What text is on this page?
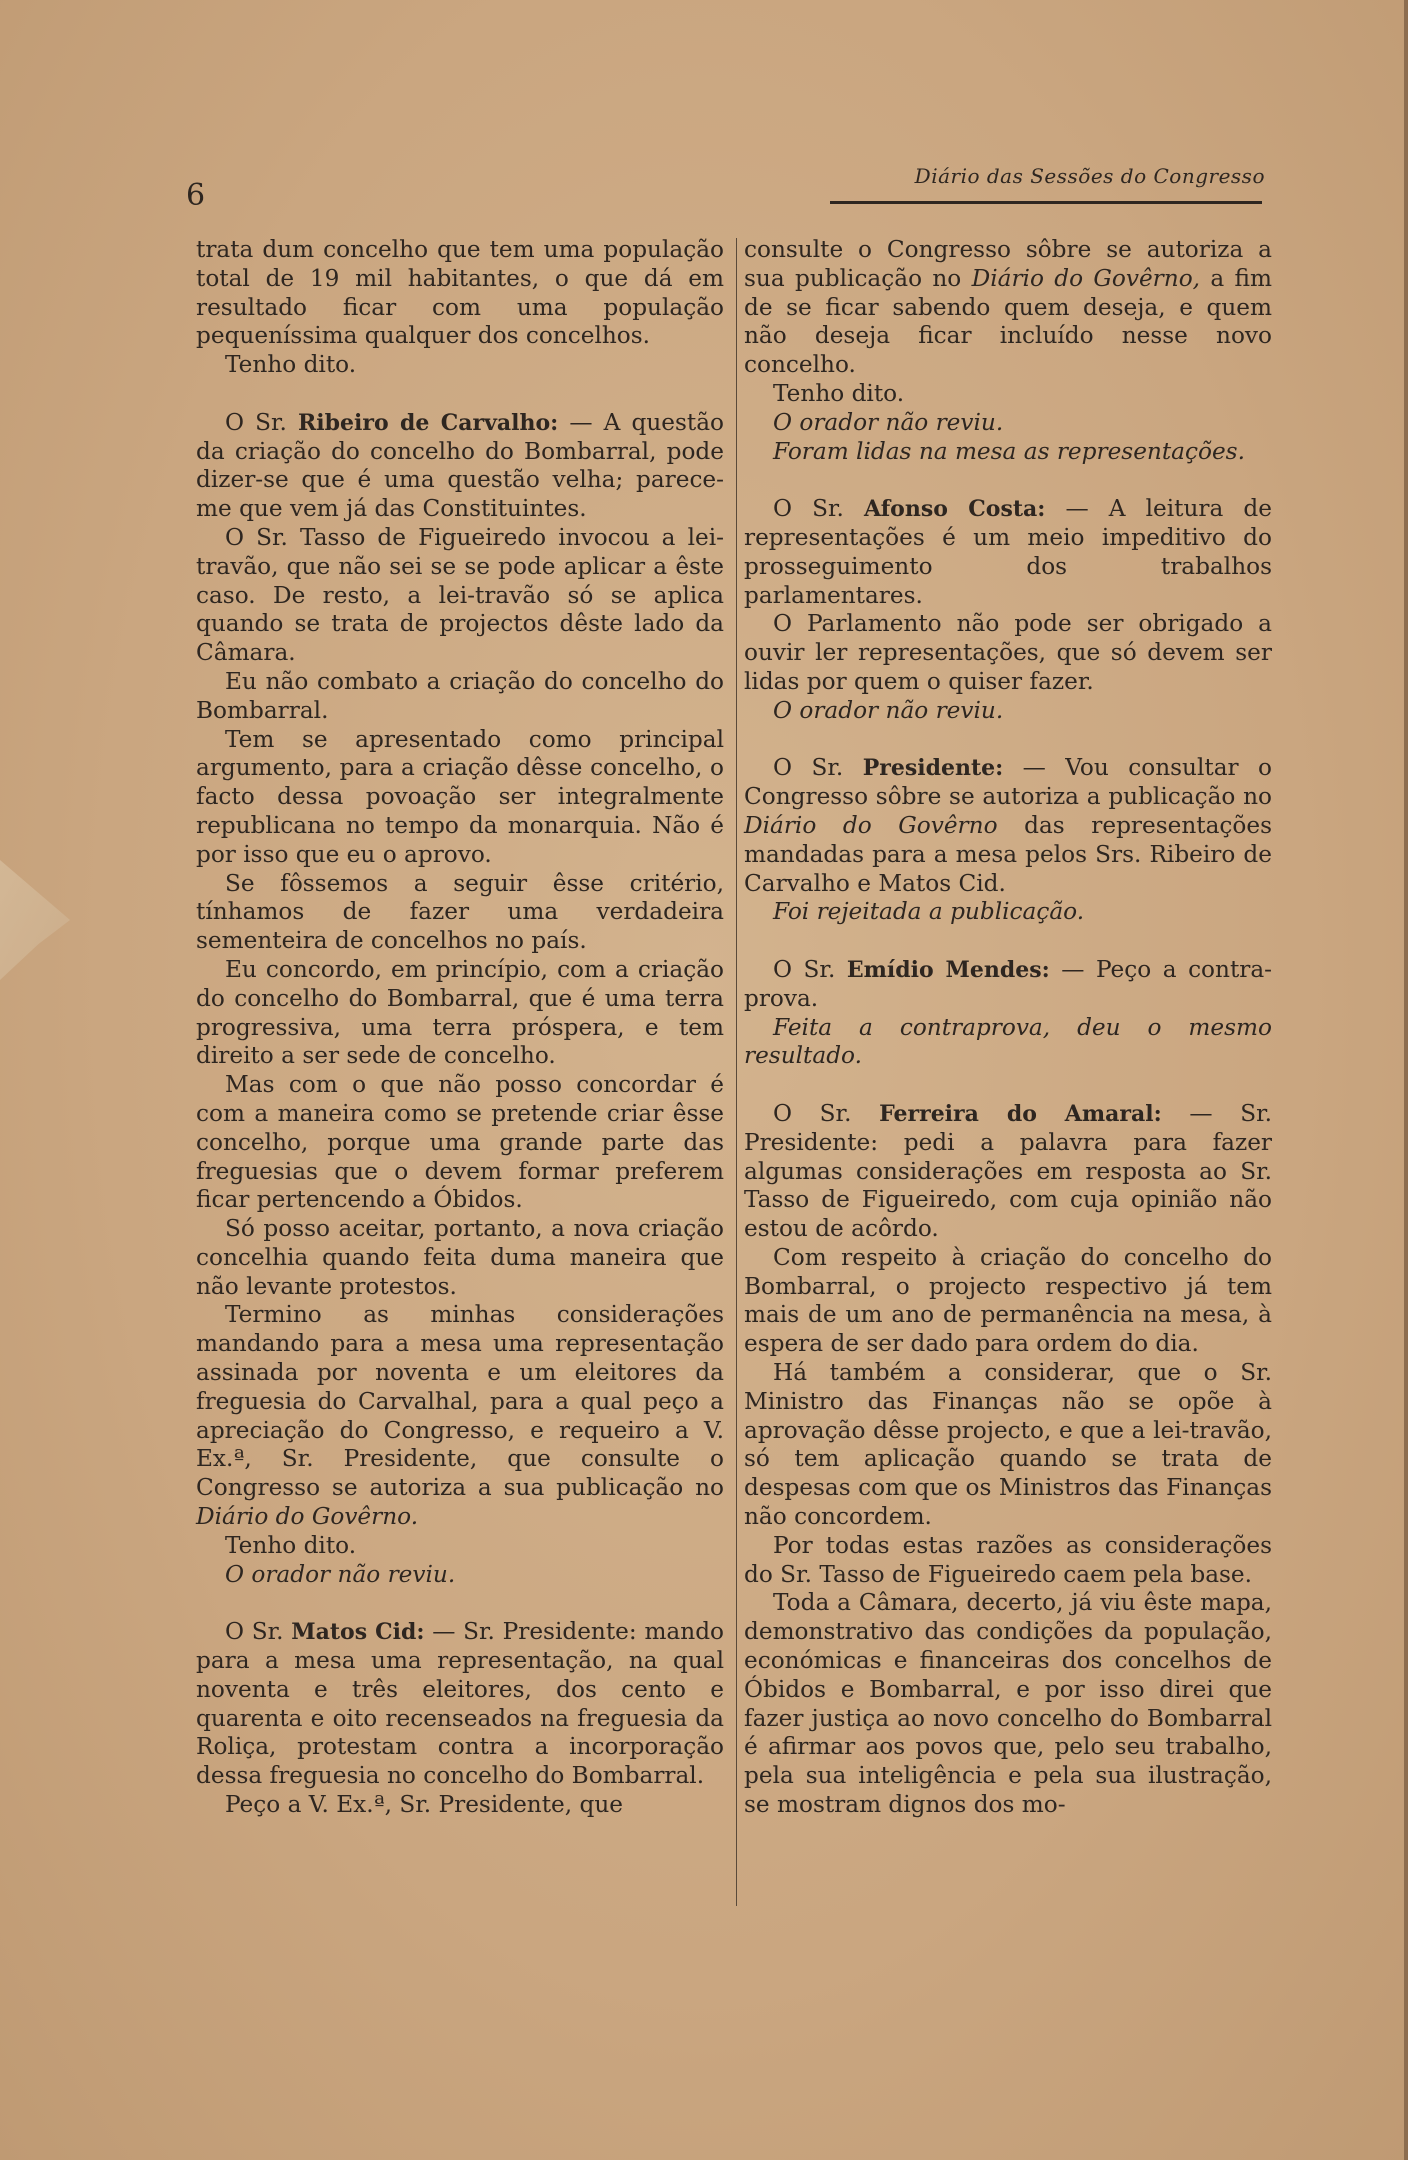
6
Diário das Sessões do Congresso

trata dum concelho que tem uma população total de 19 mil habitantes, o que dá em resultado ficar com uma população pequeníssima qualquer dos concelhos.

Tenho dito.

O Sr. Ribeiro de Carvalho: — A questão da criação do concelho do Bombarral, pode dizer-se que é uma questão velha; parece-me que vem já das Constituintes.

O Sr. Tasso de Figueiredo invocou a lei-travão, que não sei se se pode aplicar a êste caso. De resto, a lei-travão só se aplica quando se trata de projectos dêste lado da Câmara.

Eu não combato a criação do concelho do Bombarral.

Tem se apresentado como principal argumento, para a criação dêsse concelho, o facto dessa povoação ser integralmente republicana no tempo da monarquia. Não é por isso que eu o aprovo.

Se fôssemos a seguir êsse critério, tínhamos de fazer uma verdadeira sementeira de concelhos no país.

Eu concordo, em princípio, com a criação do concelho do Bombarral, que é uma terra progressiva, uma terra próspera, e tem direito a ser sede de concelho.

Mas com o que não posso concordar é com a maneira como se pretende criar êsse concelho, porque uma grande parte das freguesias que o devem formar preferem ficar pertencendo a Óbidos.

Só posso aceitar, portanto, a nova criação concelhia quando feita duma maneira que não levante protestos.

Termino as minhas considerações mandando para a mesa uma representação assinada por noventa e um eleitores da freguesia do Carvalhal, para a qual peço a apreciação do Congresso, e requeiro a V. Ex.ª, Sr. Presidente, que consulte o Congresso se autoriza a sua publicação no Diário do Govêrno.

Tenho dito.

O orador não reviu.

O Sr. Matos Cid: — Sr. Presidente: mando para a mesa uma representação, na qual noventa e três eleitores, dos cento e quarenta e oito recenseados na freguesia da Roliça, protestam contra a incorporação dessa freguesia no concelho do Bombarral.

Peço a V. Ex.ª, Sr. Presidente, que

consulte o Congresso sôbre se autoriza a sua publicação no Diário do Govêrno, a fim de se ficar sabendo quem deseja, e quem não deseja ficar incluído nesse novo concelho.

Tenho dito.

O orador não reviu.

Foram lidas na mesa as representações.

O Sr. Afonso Costa: — A leitura de representações é um meio impeditivo do prosseguimento dos trabalhos parlamentares.

O Parlamento não pode ser obrigado a ouvir ler representações, que só devem ser lidas por quem o quiser fazer.

O orador não reviu.

O Sr. Presidente: — Vou consultar o Congresso sôbre se autoriza a publicação no Diário do Govêrno das representações mandadas para a mesa pelos Srs. Ribeiro de Carvalho e Matos Cid.

Foi rejeitada a publicação.

O Sr. Emídio Mendes: — Peço a contra-prova.

Feita a contraprova, deu o mesmo resultado.

O Sr. Ferreira do Amaral: — Sr. Presidente: pedi a palavra para fazer algumas considerações em resposta ao Sr. Tasso de Figueiredo, com cuja opinião não estou de acôrdo.

Com respeito à criação do concelho do Bombarral, o projecto respectivo já tem mais de um ano de permanência na mesa, à espera de ser dado para ordem do dia.

Há também a considerar, que o Sr. Ministro das Finanças não se opõe à aprovação dêsse projecto, e que a lei-travão, só tem aplicação quando se trata de despesas com que os Ministros das Finanças não concordem.

Por todas estas razões as considerações do Sr. Tasso de Figueiredo caem pela base.

Toda a Câmara, decerto, já viu êste mapa, demonstrativo das condições da população, económicas e financeiras dos concelhos de Óbidos e Bombarral, e por isso direi que fazer justiça ao novo concelho do Bombarral é afirmar aos povos que, pelo seu trabalho, pela sua inteligência e pela sua ilustração, se mostram dignos dos mo-
